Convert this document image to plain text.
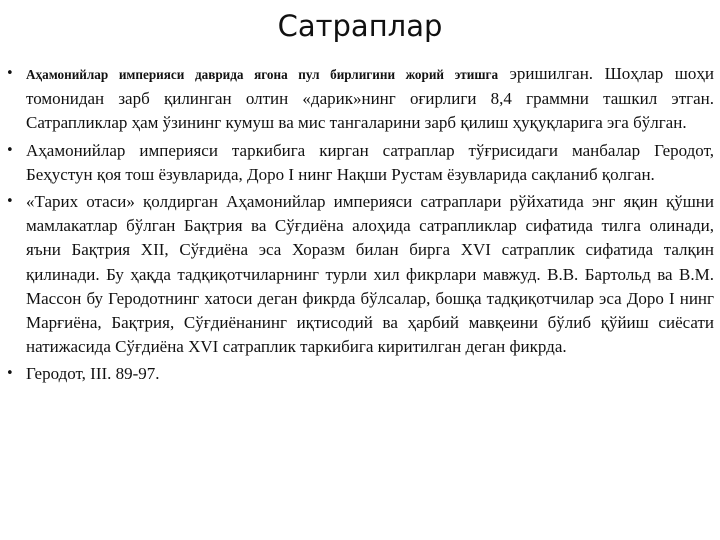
Сатраплар
• Аҳамонийлар империяси даврида ягона пул бирлигини жорий этишга эришилган. Шоҳлар шоҳи томонидан зарб қилинган олтин «дарик»нинг оғирлиги 8,4 граммни ташкил этган. Сатрапликлар ҳам ўзининг кумуш ва мис тангаларини зарб қилиш ҳуқуқларига эга бўлган.
• Аҳамонийлар империяси таркибига кирган сатраплар тўғрисидаги манбалар Геродот, Беҳустун қоя тош ёзувларида, Доро I нинг Нақши Рустам ёзувларида сақланиб қолган.
• «Тарих отаси» қолдирган Аҳамонийлар империяси сатраплари рўйхатида энг яқин қўшни мамлакатлар бўлган Бақтрия ва Сўғдиёна алоҳида сатрапликлар сифатида тилга олинади, яъни Бақтрия XII, Сўғдиёна эса Хоразм билан бирга XVI сатраплик сифатида талқин қилинади. Бу ҳақда тадқиқотчиларнинг турли хил фикрлари мавжуд. В.В. Бартольд ва В.М. Массон бу Геродотнинг хатоси деган фикрда бўлсалар, бошқа тадқиқотчилар эса Доро I нинг Марғиёна, Бақтрия, Сўғдиёнанинг иқтисодий ва ҳарбий мавқеини бўлиб қўйиш сиёсати натижасида Сўғдиёна XVI сатраплик таркибига киритилган деган фикрда.
• Геродот, III. 89-97.
